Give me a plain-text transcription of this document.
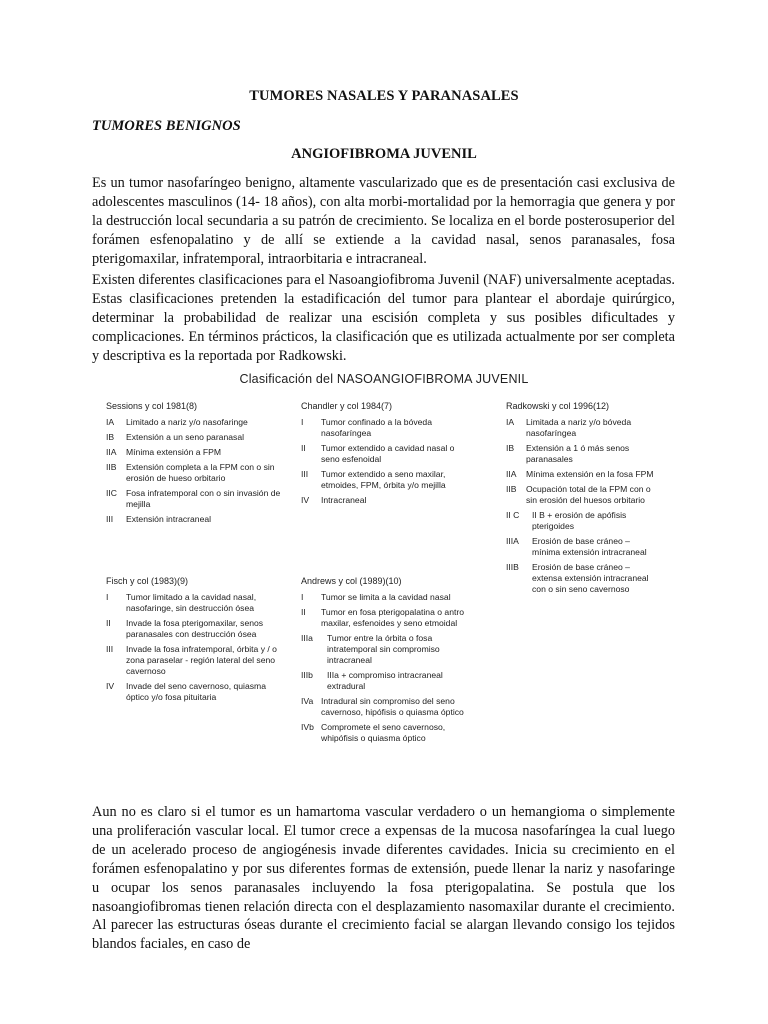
TUMORES NASALES Y PARANASALES
TUMORES BENIGNOS
ANGIOFIBROMA JUVENIL

Es un tumor nasofaríngeo benigno, altamente vascularizado que es de presentación casi exclusiva de adolescentes masculinos (14- 18 años), con alta morbi-mortalidad por la hemorragia que genera y por la destrucción local secundaria a su patrón de crecimiento. Se localiza en el borde posterosuperior del forámen esfenopalatino y de allí se extiende a la cavidad nasal, senos paranasales, fosa pterigomaxilar, infratemporal, intraorbitaria e intracraneal.

Existen diferentes clasificaciones para el Nasoangiofibroma Juvenil (NAF) universalmente aceptadas. Estas clasificaciones pretenden la estadificación del tumor para plantear el abordaje quirúrgico, determinar la probabilidad de realizar una escisión completa y sus posibles dificultades y complicaciones. En términos prácticos, la clasificación que es utilizada actualmente por ser completa y descriptiva es la reportada por Radkowski.

Clasificación del NASOANGIOFIBROMA JUVENIL
Sessions y col 1981(8)
IA	Limitado a nariz y/o nasofaringe
IB	Extensión a un seno paranasal
IIA	Mínima extensión a FPM
IIB	Extensión completa a la FPM con o sin erosión de hueso orbitario
IIC	Fosa infratemporal con o sin invasión de mejilla
III	Extensión intracraneal
Chandler y col 1984(7)
I	Tumor confinado a la bóveda nasofaríngea
II	Tumor extendido a cavidad nasal o seno esfenoidal
III	Tumor extendido a seno maxilar, etmoides, FPM, órbita y/o mejilla
IV	Intracraneal
Radkowski y col 1996(12)
IA	Limitada a nariz y/o bóveda nasofaríngea
IB	Extensión a 1 ó más senos paranasales
IIA	Mínima extensión en la fosa FPM
IIB	Ocupación total de la FPM con o sin erosión del huesos orbitario
II C	II B + erosión de apófisis pterigoides
IIIA	Erosión de base cráneo – mínima extensión intracraneal
IIIB	Erosión de base cráneo – extensa extensión intracraneal con o sin seno cavernoso
Fisch y col (1983)(9)
I	Tumor limitado a la cavidad nasal, nasofaringe, sin destrucción ósea
II	Invade la fosa pterigomaxilar, senos paranasales con destrucción ósea
III	Invade la fosa infratemporal, órbita y / o zona paraselar - región lateral del seno cavernoso
IV	Invade del seno cavernoso, quiasma óptico y/o fosa pituitaria
Andrews y col (1989)(10)
I	Tumor se limita a la cavidad nasal
II	Tumor en fosa pterigopalatina o antro maxilar, esfenoides y seno etmoidal
IIIa	Tumor entre la órbita o fosa intratemporal sin compromiso intracraneal
IIIb	IIIa + compromiso intracraneal extradural
IVa Intradural sin compromiso del seno cavernoso, hipófisis o quiasma óptico
IVb Compromete el seno cavernoso, whipófisis o quiasma óptico

Aun no es claro si el tumor es un hamartoma vascular verdadero o un hemangioma o simplemente una proliferación vascular local. El tumor crece a expensas de la mucosa nasofaríngea la cual luego de un acelerado proceso de angiogénesis invade diferentes cavidades. Inicia su crecimiento en el forámen esfenopalatino y por sus diferentes formas de extensión, puede llenar la nariz y nasofaringe u ocupar los senos paranasales incluyendo la fosa pterigopalatina. Se postula que los nasoangiofibromas tienen relación directa con el desplazamiento nasomaxilar durante el crecimiento. Al parecer las estructuras óseas durante el crecimiento facial se alargan llevando consigo los tejidos blandos faciales, en caso de
